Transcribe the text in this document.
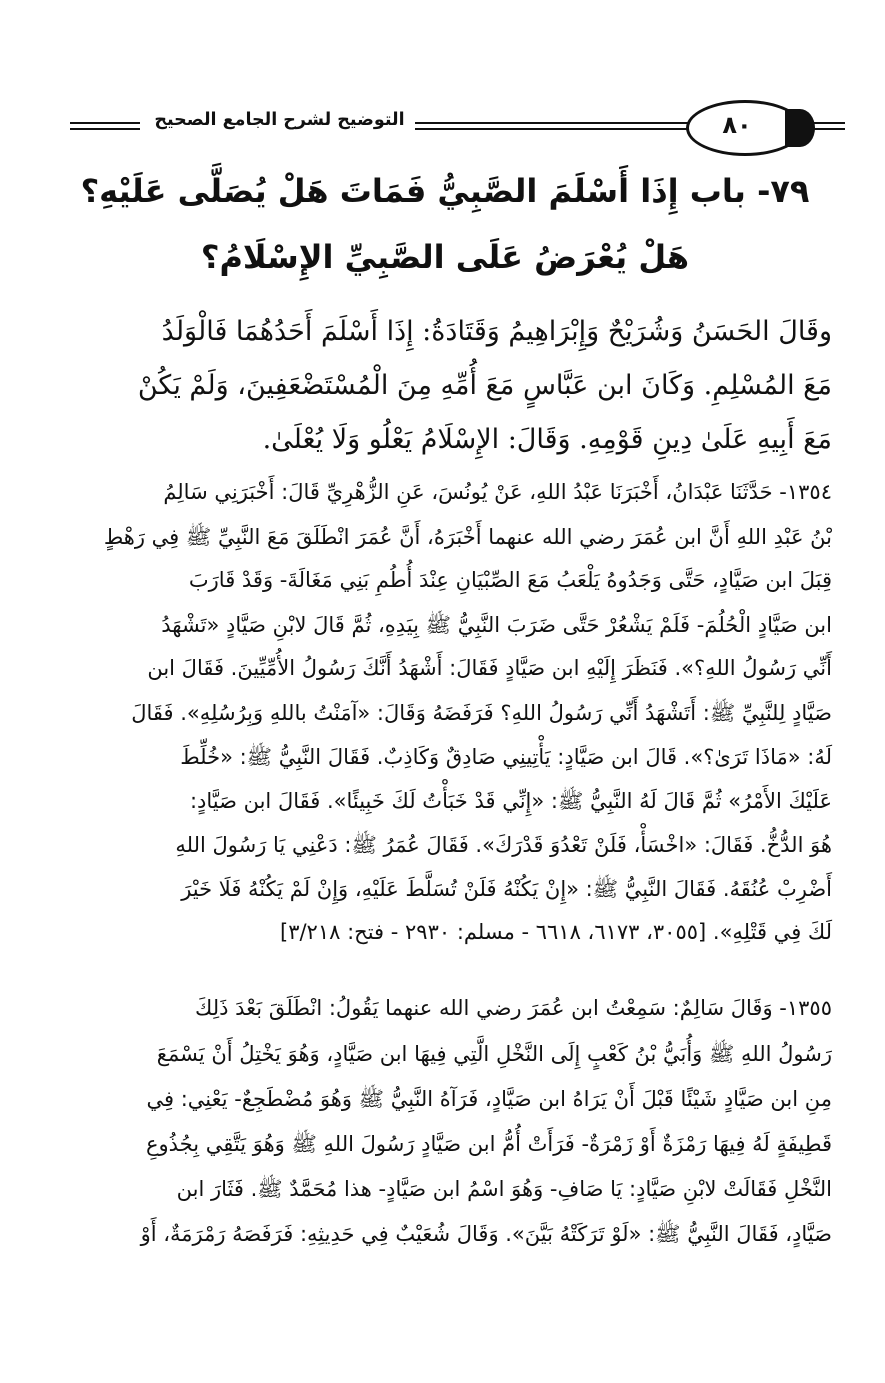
التوضيح لشرح الجامع الصحيح	٨٠
٧٩- باب إِذَا أَسْلَمَ الصَّبِيُّ فَمَاتَ هَلْ يُصَلَّى عَلَيْهِ؟
هَلْ يُعْرَضُ عَلَى الصَّبِيِّ الإِسْلَامُ؟
وقَالَ الحَسَنُ وَشُرَيْحٌ وَإِبْرَاهِيمُ وَقَتَادَةُ: إِذَا أَسْلَمَ أَحَدُهُمَا فَالْوَلَدُ
مَعَ المُسْلِمِ. وَكَانَ ابن عَبَّاسٍ مَعَ أُمِّهِ مِنَ الْمُسْتَضْعَفِينَ، وَلَمْ يَكُنْ
مَعَ أَبِيهِ عَلَىٰ دِينِ قَوْمِهِ. وَقَالَ: الإِسْلَامُ يَعْلُو وَلَا يُعْلَىٰ.
١٣٥٤- حَدَّثَنَا عَبْدَانُ، أَخْبَرَنَا عَبْدُ اللهِ، عَنْ يُونُسَ، عَنِ الزُّهْرِيِّ قَالَ: أَخْبَرَنِي سَالِمُ
بْنُ عَبْدِ اللهِ أَنَّ ابن عُمَرَ رضي الله عنهما أَخْبَرَهُ، أَنَّ عُمَرَ انْطَلَقَ مَعَ النَّبِيِّ ﷺ فِي رَهْطٍ
قِبَلَ ابن صَيَّادٍ، حَتَّى وَجَدُوهُ يَلْعَبُ مَعَ الصِّبْيَانِ عِنْدَ أُطُمِ بَنِي مَغَالَةَ- وَقَدْ قَارَبَ
ابن صَيَّادٍ الْحُلُمَ- فَلَمْ يَشْعُرْ حَتَّى ضَرَبَ النَّبِيُّ ﷺ بِيَدِهِ، ثُمَّ قَالَ لابْنِ صَيَّادٍ «تَشْهَدُ
أَنِّي رَسُولُ اللهِ؟». فَنَظَرَ إِلَيْهِ ابن صَيَّادٍ فَقَالَ: أَشْهَدُ أَنَّكَ رَسُولُ الأُمِّيِّينَ. فَقَالَ ابن
صَيَّادٍ لِلنَّبِيِّ ﷺ: أَتَشْهَدُ أَنِّي رَسُولُ اللهِ؟ فَرَفَضَهُ وَقَالَ: «آمَنْتُ باللهِ وَبِرُسُلِهِ». فَقَالَ
لَهُ: «مَاذَا تَرَىٰ؟». قَالَ ابن صَيَّادٍ: يَأْتِينِي صَادِقٌ وَكَاذِبٌ. فَقَالَ النَّبِيُّ ﷺ: «خُلِّطَ
عَلَيْكَ الأَمْرُ» ثُمَّ قَالَ لَهُ النَّبِيُّ ﷺ: «إِنِّي قَدْ خَبَأْتُ لَكَ خَبِيئًا». فَقَالَ ابن صَيَّادٍ:
هُوَ الدُّخُّ. فَقَالَ: «اخْسَأْ، فَلَنْ تَعْدُوَ قَدْرَكَ». فَقَالَ عُمَرُ ﷺ: دَعْنِي يَا رَسُولَ اللهِ
أَضْرِبْ عُنُقَهُ. فَقَالَ النَّبِيُّ ﷺ: «إِنْ يَكُنْهُ فَلَنْ تُسَلَّطَ عَلَيْهِ، وَإِنْ لَمْ يَكُنْهُ فَلَا خَيْرَ
لَكَ فِي قَتْلِهِ». [٣٠٥٥، ٦١٧٣، ٦٦١٨ - مسلم: ٢٩٣٠ - فتح: ٣/٢١٨]
١٣٥٥- وَقَالَ سَالِمٌ: سَمِعْتُ ابن عُمَرَ رضي الله عنهما يَقُولُ: انْطَلَقَ بَعْدَ ذَلِكَ
رَسُولُ اللهِ ﷺ وَأُبَيُّ بْنُ كَعْبٍ إِلَى النَّخْلِ الَّتِي فِيهَا ابن صَيَّادٍ، وَهُوَ يَخْتِلُ أَنْ يَسْمَعَ
مِنِ ابن صَيَّادٍ شَيْئًا قَبْلَ أَنْ يَرَاهُ ابن صَيَّادٍ، فَرَآهُ النَّبِيُّ ﷺ وَهُوَ مُضْطَجِعٌ- يَعْنِي: فِي
قَطِيفَةٍ لَهُ فِيهَا رَمْزَةٌ أَوْ زَمْرَةٌ- فَرَأَتْ أُمُّ ابن صَيَّادٍ رَسُولَ اللهِ ﷺ وَهُوَ يَتَّقِي بِجُذُوعِ
النَّخْلِ فَقَالَتْ لابْنِ صَيَّادٍ: يَا صَافِ- وَهُوَ اسْمُ ابن صَيَّادٍ- هذا مُحَمَّدٌ ﷺ. فَثَارَ ابن
صَيَّادٍ، فَقَالَ النَّبِيُّ ﷺ: «لَوْ تَرَكَتْهُ بَيَّنَ». وَقَالَ شُعَيْبٌ فِي حَدِيثِهِ: فَرَفَصَهُ رَمْرَمَةٌ، أَوْ
